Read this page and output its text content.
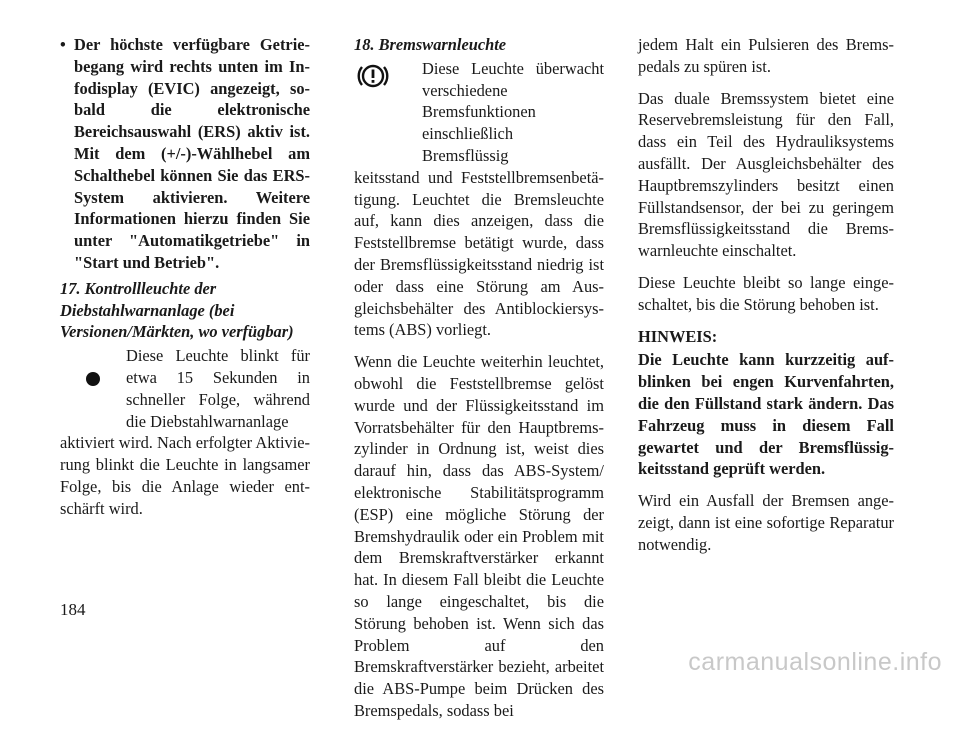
• Der höchste verfügbare Getriebegang wird rechts unten im Infodisplay (EVIC) angezeigt, sobald die elektronische Bereichsauswahl (ERS) aktiv ist. Mit dem (+/-)-Wählhebel am Schalthebel können Sie das ERS-System aktivieren. Weitere Informationen hierzu finden Sie unter "Automatikgetriebe" in "Start und Betrieb".
17. Kontrollleuchte der Diebstahlwarnanlage (bei Versionen/Märkten, wo verfügbar)
Diese Leuchte blinkt für etwa 15 Sekunden in schneller Folge, während die Diebstahlwarnanlage

aktiviert wird. Nach erfolgter Aktivierung blinkt die Leuchte in langsamer Folge, bis die Anlage wieder entschärft wird.

18. Bremswarnleuchte
Diese Leuchte überwacht verschiedene Bremsfunktionen einschließlich Bremsflüssig

keitsstand und Feststellbremsenbetätigung. Leuchtet die Bremsleuchte auf, kann dies anzeigen, dass die Feststellbremse betätigt wurde, dass der Bremsflüssigkeitsstand niedrig ist oder dass eine Störung am Ausgleichsbehälter des Antiblockiersystems (ABS) vorliegt.

Wenn die Leuchte weiterhin leuchtet, obwohl die Feststellbremse gelöst wurde und der Flüssigkeitsstand im Vorratsbehälter für den Hauptbremszylinder in Ordnung ist, weist dies darauf hin, dass das ABS-System/ elektronische Stabilitätsprogramm (ESP) eine mögliche Störung der Bremshydraulik oder ein Problem mit dem Bremskraftverstärker erkannt hat. In diesem Fall bleibt die Leuchte so lange eingeschaltet, bis die Störung behoben ist. Wenn sich das Problem auf den Bremskraftverstärker bezieht, arbeitet die ABS-Pumpe beim Drücken des Bremspedals, sodass bei

jedem Halt ein Pulsieren des Bremspedals zu spüren ist.

Das duale Bremssystem bietet eine Reservebremsleistung für den Fall, dass ein Teil des Hydrauliksystems ausfällt. Der Ausgleichsbehälter des Hauptbremszylinders besitzt einen Füllstandsensor, der bei zu geringem Bremsflüssigkeitsstand die Bremswarnleuchte einschaltet.

Diese Leuchte bleibt so lange eingeschaltet, bis die Störung behoben ist.

HINWEIS:

Die Leuchte kann kurzzeitig aufblinken bei engen Kurvenfahrten, die den Füllstand stark ändern. Das Fahrzeug muss in diesem Fall gewartet und der Bremsflüssigkeitsstand geprüft werden.

Wird ein Ausfall der Bremsen angezeigt, dann ist eine sofortige Reparatur notwendig.

184
carmanualsonline.info
